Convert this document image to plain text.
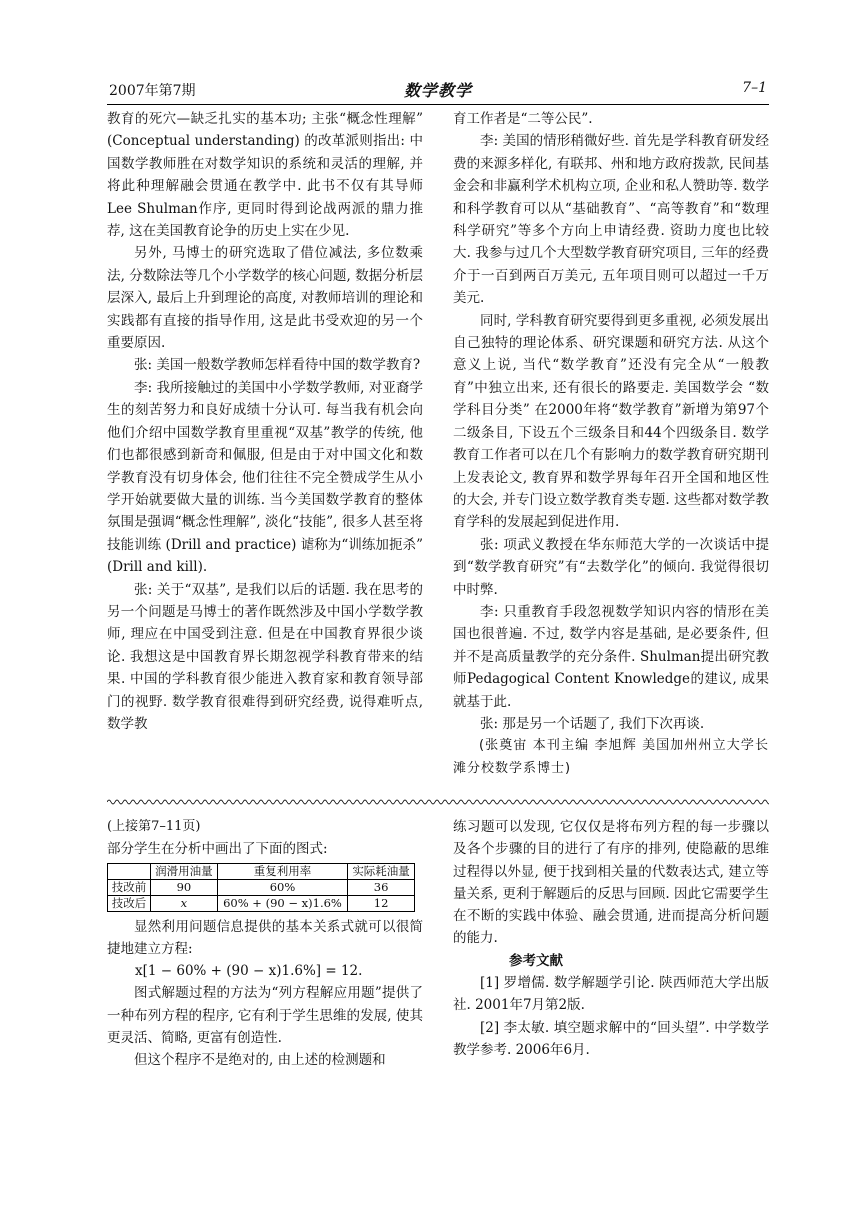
2007年第7期	数学教学	7–1

教育的死穴—缺乏扎实的基本功; 主张“概念性理解” (Conceptual understanding) 的改革派则指出: 中国数学教师胜在对数学知识的系统和灵活的理解, 并将此种理解融会贯通在教学中. 此书不仅有其导师Lee Shulman作序, 更同时得到论战两派的鼎力推荐, 这在美国教育论争的历史上实在少见.

另外, 马博士的研究选取了借位减法, 多位数乘法, 分数除法等几个小学数学的核心问题, 数据分析层层深入, 最后上升到理论的高度, 对教师培训的理论和实践都有直接的指导作用, 这是此书受欢迎的另一个重要原因.

张: 美国一般数学教师怎样看待中国的数学教育?

李: 我所接触过的美国中小学数学教师, 对亚裔学生的刻苦努力和良好成绩十分认可. 每当我有机会向他们介绍中国数学教育里重视“双基”教学的传统, 他们也都很感到新奇和佩服, 但是由于对中国文化和数学教育没有切身体会, 他们往往不完全赞成学生从小学开始就要做大量的训练. 当今美国数学教育的整体氛围是强调“概念性理解”, 淡化“技能”, 很多人甚至将技能训练 (Drill and practice) 谑称为“训练加扼杀” (Drill and kill).

张: 关于“双基”, 是我们以后的话题. 我在思考的另一个问题是马博士的著作既然涉及中国小学数学教师, 理应在中国受到注意. 但是在中国教育界很少谈论. 我想这是中国教育界长期忽视学科教育带来的结果. 中国的学科教育很少能进入教育家和教育领导部门的视野. 数学教育很难得到研究经费, 说得难听点, 数学教

育工作者是“二等公民”.

李: 美国的情形稍微好些. 首先是学科教育研发经费的来源多样化, 有联邦、州和地方政府拨款, 民间基金会和非赢利学术机构立项, 企业和私人赞助等. 数学和科学教育可以从“基础教育”、“高等教育”和“数理科学研究”等多个方向上申请经费. 资助力度也比较大. 我参与过几个大型数学教育研究项目, 三年的经费介于一百到两百万美元, 五年项目则可以超过一千万美元.

同时, 学科教育研究要得到更多重视, 必须发展出自己独特的理论体系、研究课题和研究方法. 从这个意义上说, 当代“数学教育”还没有完全从“一般教育”中独立出来, 还有很长的路要走. 美国数学会 “数学科目分类” 在2000年将“数学教育”新增为第97个二级条目, 下设五个三级条目和44个四级条目. 数学教育工作者可以在几个有影响力的数学教育研究期刊上发表论文, 教育界和数学界每年召开全国和地区性的大会, 并专门设立数学教育类专题. 这些都对数学教育学科的发展起到促进作用.

张: 项武义教授在华东师范大学的一次谈话中提到“数学教育研究”有“去数学化”的倾向. 我觉得很切中时弊.

李: 只重教育手段忽视数学知识内容的情形在美国也很普遍. 不过, 数学内容是基础, 是必要条件, 但并不是高质量教学的充分条件. Shulman提出研究教师Pedagogical Content Knowledge的建议, 成果就基于此.

张: 那是另一个话题了, 我们下次再谈.

(张奠宙 本刊主编 李旭辉 美国加州州立大学长滩分校数学系博士)

(上接第7–11页)

部分学生在分析中画出了下面的图式:

	润滑用油量	重复利用率	实际耗油量
技改前	90	60%	36
技改后	x	60% + (90 − x)1.6%	12

显然利用问题信息提供的基本关系式就可以很简捷地建立方程:

x[1 − 60% + (90 − x)1.6%] = 12.

图式解题过程的方法为“列方程解应用题”提供了一种布列方程的程序, 它有利于学生思维的发展, 使其更灵活、简略, 更富有创造性.

但这个程序不是绝对的, 由上述的检测题和

练习题可以发现, 它仅仅是将布列方程的每一步骤以及各个步骤的目的进行了有序的排列, 使隐蔽的思维过程得以外显, 便于找到相关量的代数表达式, 建立等量关系, 更利于解题后的反思与回顾. 因此它需要学生在不断的实践中体验、融会贯通, 进而提高分析问题的能力.

参考文献

[1] 罗增儒. 数学解题学引论. 陕西师范大学出版社. 2001年7月第2版.

[2] 李太敏. 填空题求解中的“回头望”. 中学数学教学参考. 2006年6月.
